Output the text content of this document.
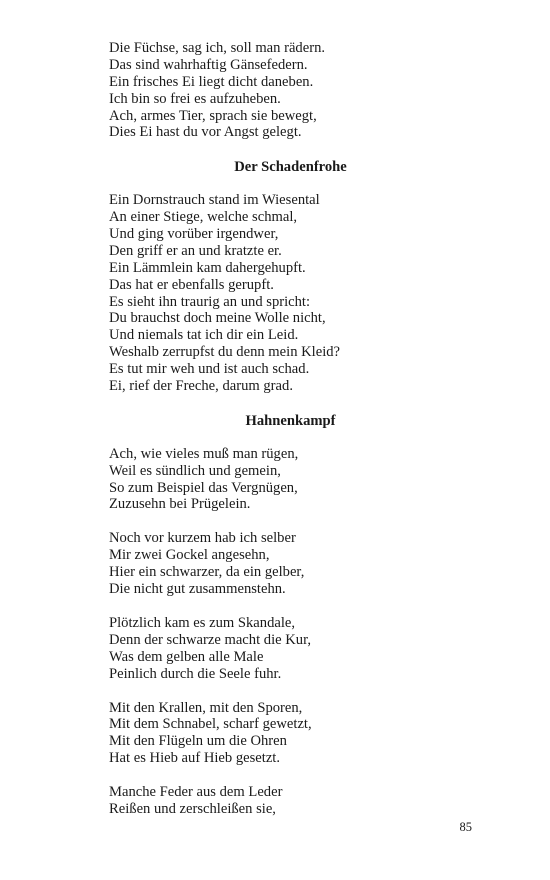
Die Füchse, sag ich, soll man rädern.
Das sind wahrhaftig Gänsefedern.
Ein frisches Ei liegt dicht daneben.
Ich bin so frei es aufzuheben.
Ach, armes Tier, sprach sie bewegt,
Dies Ei hast du vor Angst gelegt.
Der Schadenfrohe
Ein Dornstrauch stand im Wiesental
An einer Stiege, welche schmal,
Und ging vorüber irgendwer,
Den griff er an und kratzte er.
Ein Lämmlein kam dahergehupft.
Das hat er ebenfalls gerupft.
Es sieht ihn traurig an und spricht:
Du brauchst doch meine Wolle nicht,
Und niemals tat ich dir ein Leid.
Weshalb zerrupfst du denn mein Kleid?
Es tut mir weh und ist auch schad.
Ei, rief der Freche, darum grad.
Hahnenkampf
Ach, wie vieles muß man rügen,
Weil es sündlich und gemein,
So zum Beispiel das Vergnügen,
Zuzusehn bei Prügelein.
Noch vor kurzem hab ich selber
Mir zwei Gockel angesehn,
Hier ein schwarzer, da ein gelber,
Die nicht gut zusammenstehn.
Plötzlich kam es zum Skandale,
Denn der schwarze macht die Kur,
Was dem gelben alle Male
Peinlich durch die Seele fuhr.
Mit den Krallen, mit den Sporen,
Mit dem Schnabel, scharf gewetzt,
Mit den Flügeln um die Ohren
Hat es Hieb auf Hieb gesetzt.
Manche Feder aus dem Leder
Reißen und zerschleißen sie,
85
